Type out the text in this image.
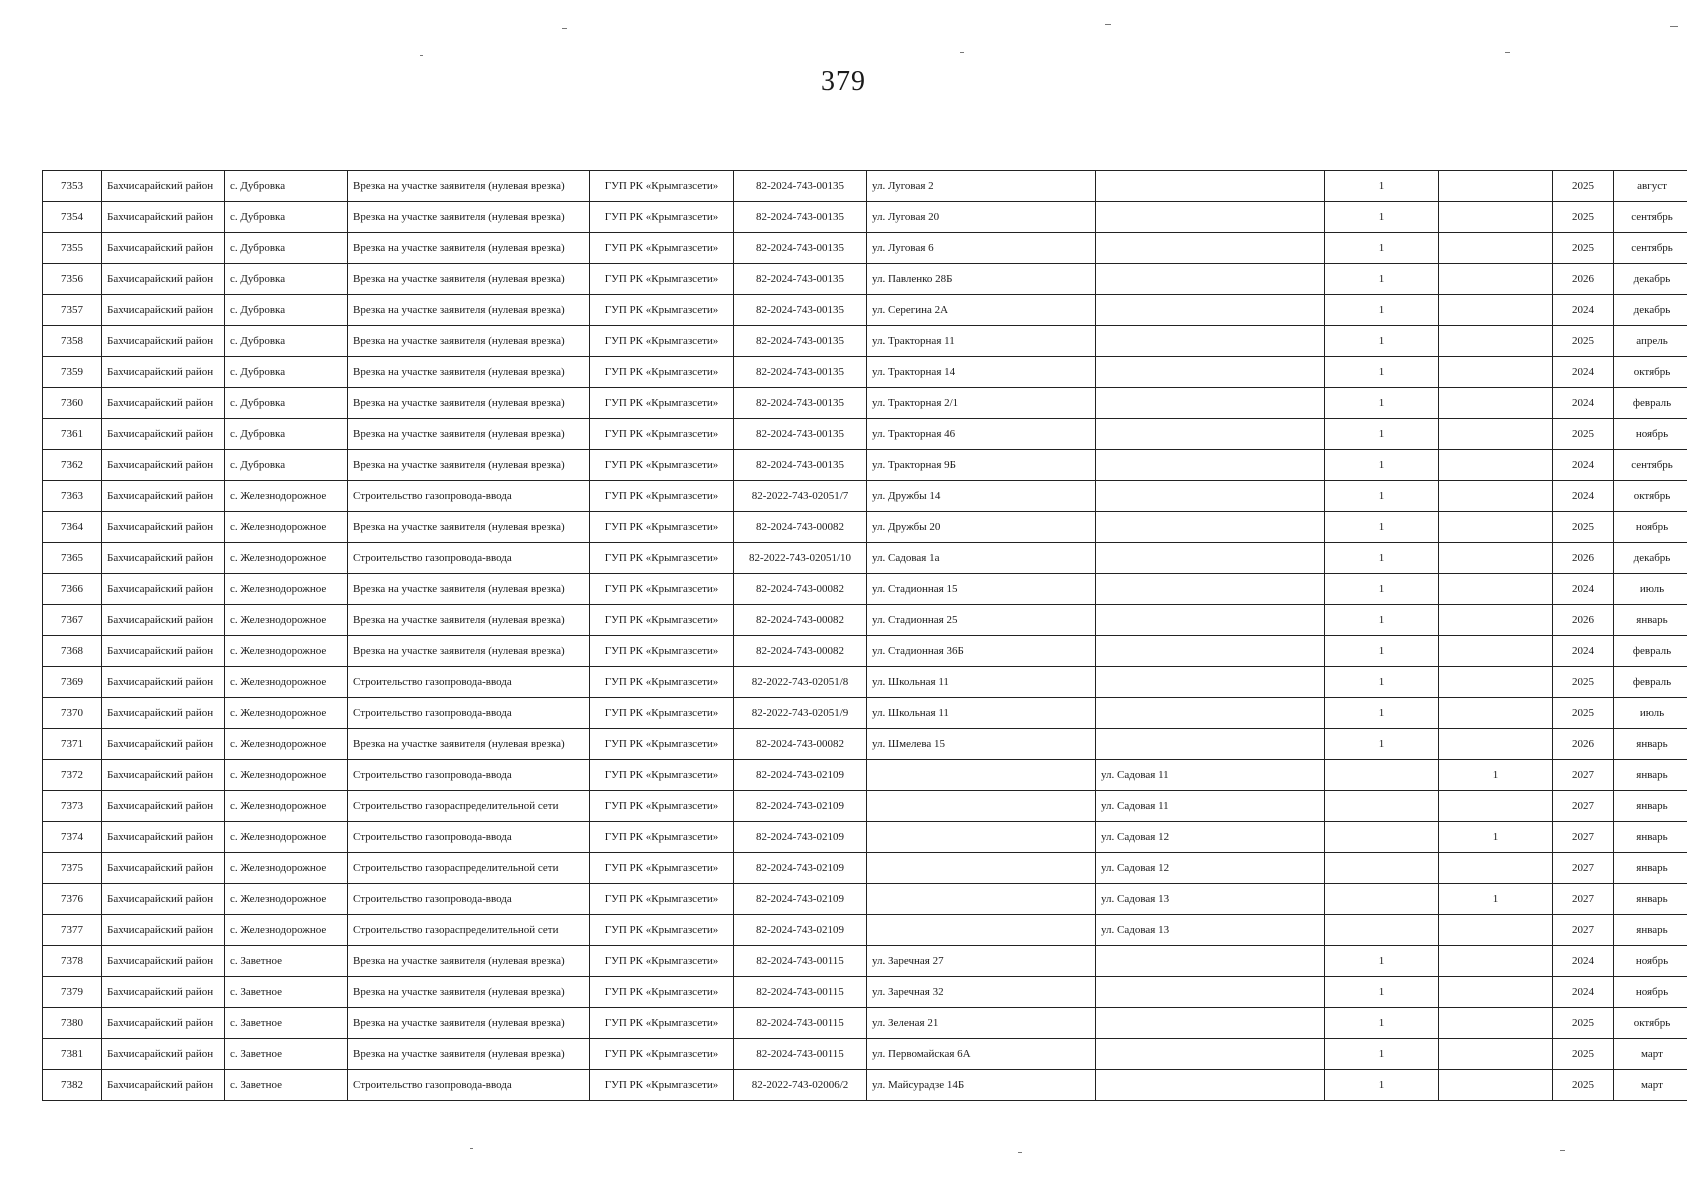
379
7353	Бахчисарайский район	с. Дубровка	Врезка на участке заявителя (нулевая врезка)	ГУП РК «Крымгазсети»	82-2024-743-00135	ул. Луговая 2		1		2025	август
7354	Бахчисарайский район	с. Дубровка	Врезка на участке заявителя (нулевая врезка)	ГУП РК «Крымгазсети»	82-2024-743-00135	ул. Луговая 20		1		2025	сентябрь
7355	Бахчисарайский район	с. Дубровка	Врезка на участке заявителя (нулевая врезка)	ГУП РК «Крымгазсети»	82-2024-743-00135	ул. Луговая 6		1		2025	сентябрь
7356	Бахчисарайский район	с. Дубровка	Врезка на участке заявителя (нулевая врезка)	ГУП РК «Крымгазсети»	82-2024-743-00135	ул. Павленко 28Б		1		2026	декабрь
7357	Бахчисарайский район	с. Дубровка	Врезка на участке заявителя (нулевая врезка)	ГУП РК «Крымгазсети»	82-2024-743-00135	ул. Серегина 2А		1		2024	декабрь
7358	Бахчисарайский район	с. Дубровка	Врезка на участке заявителя (нулевая врезка)	ГУП РК «Крымгазсети»	82-2024-743-00135	ул. Тракторная 11		1		2025	апрель
7359	Бахчисарайский район	с. Дубровка	Врезка на участке заявителя (нулевая врезка)	ГУП РК «Крымгазсети»	82-2024-743-00135	ул. Тракторная 14		1		2024	октябрь
7360	Бахчисарайский район	с. Дубровка	Врезка на участке заявителя (нулевая врезка)	ГУП РК «Крымгазсети»	82-2024-743-00135	ул. Тракторная 2/1		1		2024	февраль
7361	Бахчисарайский район	с. Дубровка	Врезка на участке заявителя (нулевая врезка)	ГУП РК «Крымгазсети»	82-2024-743-00135	ул. Тракторная 46		1		2025	ноябрь
7362	Бахчисарайский район	с. Дубровка	Врезка на участке заявителя (нулевая врезка)	ГУП РК «Крымгазсети»	82-2024-743-00135	ул. Тракторная 9Б		1		2024	сентябрь
7363	Бахчисарайский район	с. Железнодорожное	Строительство газопровода-ввода	ГУП РК «Крымгазсети»	82-2022-743-02051/7	ул. Дружбы 14		1		2024	октябрь
7364	Бахчисарайский район	с. Железнодорожное	Врезка на участке заявителя (нулевая врезка)	ГУП РК «Крымгазсети»	82-2024-743-00082	ул. Дружбы 20		1		2025	ноябрь
7365	Бахчисарайский район	с. Железнодорожное	Строительство газопровода-ввода	ГУП РК «Крымгазсети»	82-2022-743-02051/10	ул. Садовая 1а		1		2026	декабрь
7366	Бахчисарайский район	с. Железнодорожное	Врезка на участке заявителя (нулевая врезка)	ГУП РК «Крымгазсети»	82-2024-743-00082	ул. Стадионная 15		1		2024	июль
7367	Бахчисарайский район	с. Железнодорожное	Врезка на участке заявителя (нулевая врезка)	ГУП РК «Крымгазсети»	82-2024-743-00082	ул. Стадионная 25		1		2026	январь
7368	Бахчисарайский район	с. Железнодорожное	Врезка на участке заявителя (нулевая врезка)	ГУП РК «Крымгазсети»	82-2024-743-00082	ул. Стадионная 36Б		1		2024	февраль
7369	Бахчисарайский район	с. Железнодорожное	Строительство газопровода-ввода	ГУП РК «Крымгазсети»	82-2022-743-02051/8	ул. Школьная 11		1		2025	февраль
7370	Бахчисарайский район	с. Железнодорожное	Строительство газопровода-ввода	ГУП РК «Крымгазсети»	82-2022-743-02051/9	ул. Школьная 11		1		2025	июль
7371	Бахчисарайский район	с. Железнодорожное	Врезка на участке заявителя (нулевая врезка)	ГУП РК «Крымгазсети»	82-2024-743-00082	ул. Шмелева 15		1		2026	январь
7372	Бахчисарайский район	с. Железнодорожное	Строительство газопровода-ввода	ГУП РК «Крымгазсети»	82-2024-743-02109		ул. Садовая 11		1	2027	январь
7373	Бахчисарайский район	с. Железнодорожное	Строительство газораспределительной сети	ГУП РК «Крымгазсети»	82-2024-743-02109		ул. Садовая 11			2027	январь
7374	Бахчисарайский район	с. Железнодорожное	Строительство газопровода-ввода	ГУП РК «Крымгазсети»	82-2024-743-02109		ул. Садовая 12		1	2027	январь
7375	Бахчисарайский район	с. Железнодорожное	Строительство газораспределительной сети	ГУП РК «Крымгазсети»	82-2024-743-02109		ул. Садовая 12			2027	январь
7376	Бахчисарайский район	с. Железнодорожное	Строительство газопровода-ввода	ГУП РК «Крымгазсети»	82-2024-743-02109		ул. Садовая 13		1	2027	январь
7377	Бахчисарайский район	с. Железнодорожное	Строительство газораспределительной сети	ГУП РК «Крымгазсети»	82-2024-743-02109		ул. Садовая 13			2027	январь
7378	Бахчисарайский район	с. Заветное	Врезка на участке заявителя (нулевая врезка)	ГУП РК «Крымгазсети»	82-2024-743-00115	ул. Заречная 27		1		2024	ноябрь
7379	Бахчисарайский район	с. Заветное	Врезка на участке заявителя (нулевая врезка)	ГУП РК «Крымгазсети»	82-2024-743-00115	ул. Заречная 32		1		2024	ноябрь
7380	Бахчисарайский район	с. Заветное	Врезка на участке заявителя (нулевая врезка)	ГУП РК «Крымгазсети»	82-2024-743-00115	ул. Зеленая 21		1		2025	октябрь
7381	Бахчисарайский район	с. Заветное	Врезка на участке заявителя (нулевая врезка)	ГУП РК «Крымгазсети»	82-2024-743-00115	ул. Первомайская 6А		1		2025	март
7382	Бахчисарайский район	с. Заветное	Строительство газопровода-ввода	ГУП РК «Крымгазсети»	82-2022-743-02006/2	ул. Майсурадзе 14Б		1		2025	март
